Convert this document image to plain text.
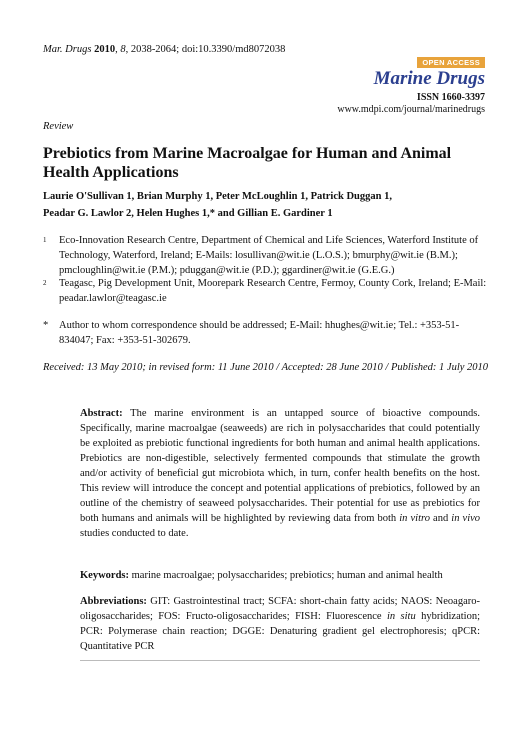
Mar. Drugs 2010, 8, 2038-2064; doi:10.3390/md8072038
OPEN ACCESS
Marine Drugs
ISSN 1660-3397
www.mdpi.com/journal/marinedrugs
Review
Prebiotics from Marine Macroalgae for Human and Animal Health Applications
Laurie O'Sullivan 1, Brian Murphy 1, Peter McLoughlin 1, Patrick Duggan 1,
Peadar G. Lawlor 2, Helen Hughes 1,* and Gillian E. Gardiner 1
1 Eco-Innovation Research Centre, Department of Chemical and Life Sciences, Waterford Institute of Technology, Waterford, Ireland; E-Mails: losullivan@wit.ie (L.O.S.); bmurphy@wit.ie (B.M.); pmcloughlin@wit.ie (P.M.); pduggan@wit.ie (P.D.); ggardiner@wit.ie (G.E.G.)
2 Teagasc, Pig Development Unit, Moorepark Research Centre, Fermoy, County Cork, Ireland; E-Mail: peadar.lawlor@teagasc.ie
* Author to whom correspondence should be addressed; E-Mail: hhughes@wit.ie; Tel.: +353-51-834047; Fax: +353-51-302679.
Received: 13 May 2010; in revised form: 11 June 2010 / Accepted: 28 June 2010 / Published: 1 July 2010
Abstract: The marine environment is an untapped source of bioactive compounds. Specifically, marine macroalgae (seaweeds) are rich in polysaccharides that could potentially be exploited as prebiotic functional ingredients for both human and animal health applications. Prebiotics are non-digestible, selectively fermented compounds that stimulate the growth and/or activity of beneficial gut microbiota which, in turn, confer health benefits on the host. This review will introduce the concept and potential applications of prebiotics, followed by an outline of the chemistry of seaweed polysaccharides. Their potential for use as prebiotics for both humans and animals will be highlighted by reviewing data from both in vitro and in vivo studies conducted to date.
Keywords: marine macroalgae; polysaccharides; prebiotics; human and animal health
Abbreviations: GIT: Gastrointestinal tract; SCFA: short-chain fatty acids; NAOS: Neoagaro-oligosaccharides; FOS: Fructo-oligosaccharides; FISH: Fluorescence in situ hybridization; PCR: Polymerase chain reaction; DGGE: Denaturing gradient gel electrophoresis; qPCR: Quantitative PCR
